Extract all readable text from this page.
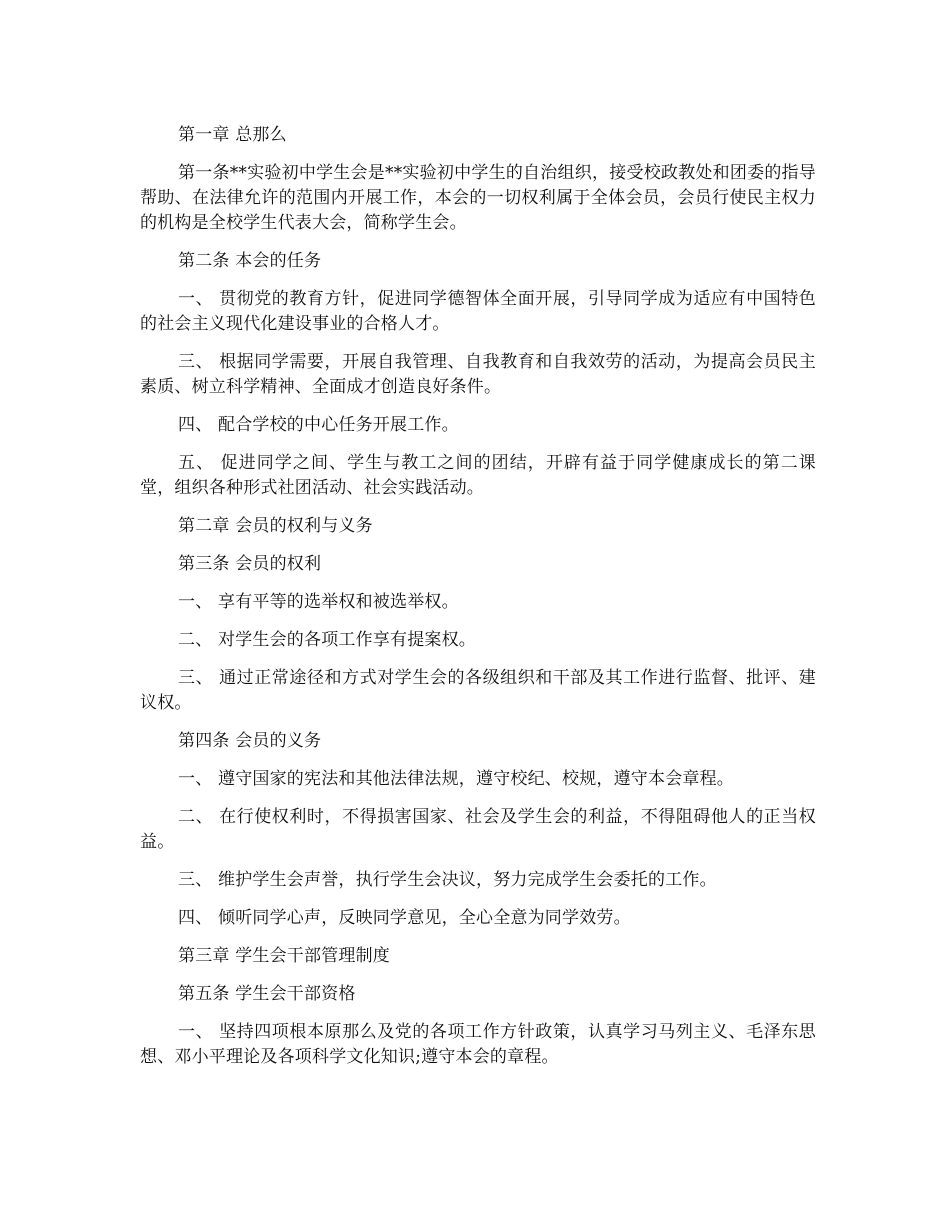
第一章 总那么

第一条**实验初中学生会是**实验初中学生的自治组织，接受校政教处和团委的指导帮助、在法律允许的范围内开展工作，本会的一切权利属于全体会员，会员行使民主权力的机构是全校学生代表大会，简称学生会。

第二条 本会的任务

一、 贯彻党的教育方针，促进同学德智体全面开展，引导同学成为适应有中国特色的社会主义现代化建设事业的合格人才。

三、 根据同学需要，开展自我管理、自我教育和自我效劳的活动，为提高会员民主素质、树立科学精神、全面成才创造良好条件。

四、 配合学校的中心任务开展工作。

五、 促进同学之间、学生与教工之间的团结，开辟有益于同学健康成长的第二课堂，组织各种形式社团活动、社会实践活动。

第二章 会员的权利与义务

第三条 会员的权利

一、 享有平等的选举权和被选举权。

二、 对学生会的各项工作享有提案权。

三、 通过正常途径和方式对学生会的各级组织和干部及其工作进行监督、批评、建议权。

第四条 会员的义务

一、 遵守国家的宪法和其他法律法规，遵守校纪、校规，遵守本会章程。

二、 在行使权利时，不得损害国家、社会及学生会的利益，不得阻碍他人的正当权益。

三、 维护学生会声誉，执行学生会决议，努力完成学生会委托的工作。

四、 倾听同学心声，反映同学意见，全心全意为同学效劳。

第三章 学生会干部管理制度

第五条 学生会干部资格

一、 坚持四项根本原那么及党的各项工作方针政策，认真学习马列主义、毛泽东思想、邓小平理论及各项科学文化知识;遵守本会的章程。
